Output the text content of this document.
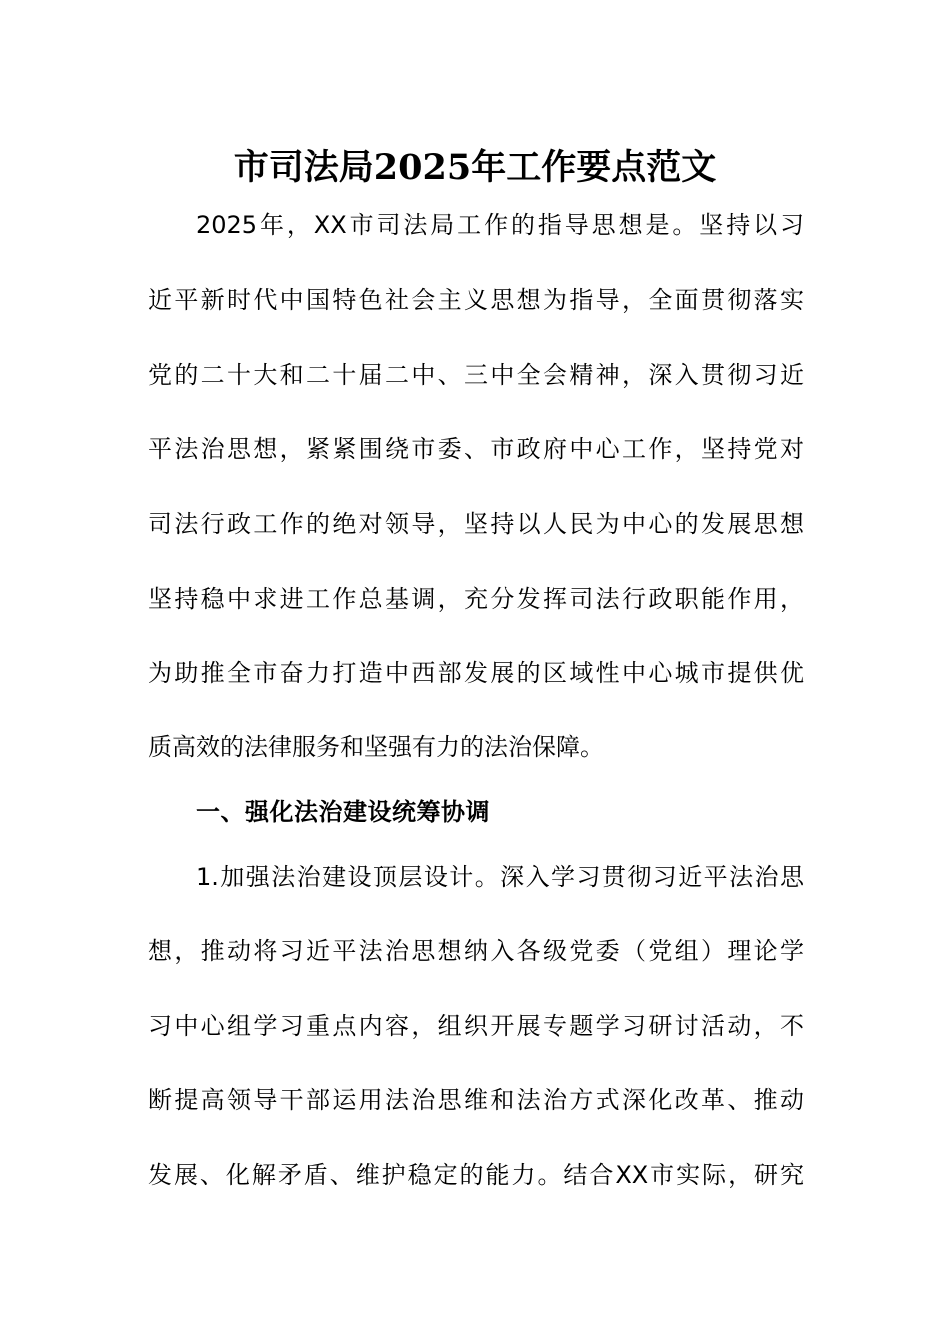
市司法局2025年工作要点范文
2025年，XX市司法局工作的指导思想是。坚持以习
近平新时代中国特色社会主义思想为指导，全面贯彻落实
党的二十大和二十届二中、三中全会精神，深入贯彻习近
平法治思想，紧紧围绕市委、市政府中心工作，坚持党对
司法行政工作的绝对领导，坚持以人民为中心的发展思想
坚持稳中求进工作总基调，充分发挥司法行政职能作用，
为助推全市奋力打造中西部发展的区域性中心城市提供优
质高效的法律服务和坚强有力的法治保障。
一、强化法治建设统筹协调
1.加强法治建设顶层设计。深入学习贯彻习近平法治思
想，推动将习近平法治思想纳入各级党委（党组）理论学
习中心组学习重点内容，组织开展专题学习研讨活动，不
断提高领导干部运用法治思维和法治方式深化改革、推动
发展、化解矛盾、维护稳定的能力。结合XX市实际，研究
